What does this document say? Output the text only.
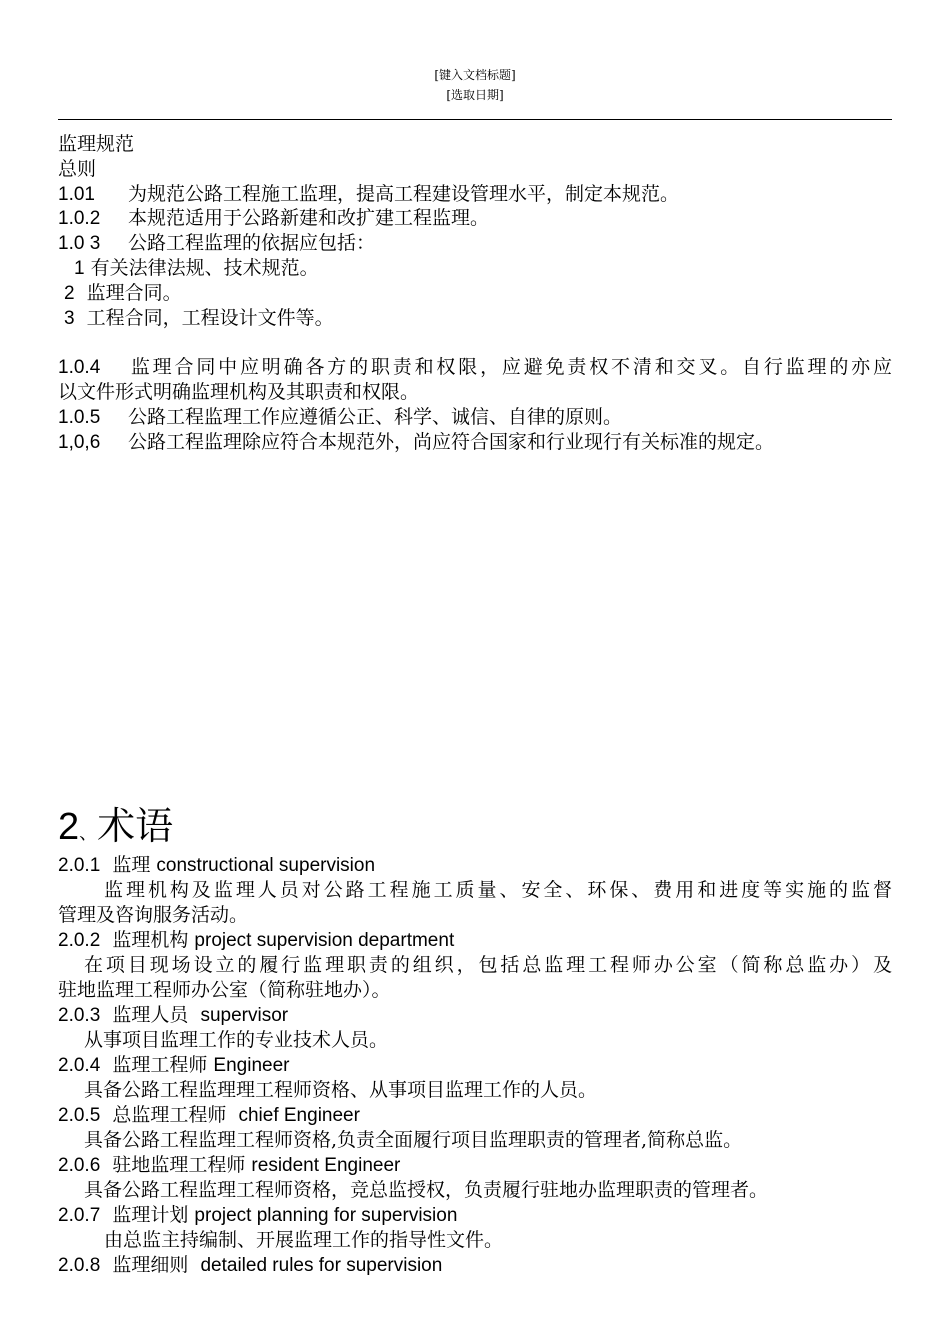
[键入文档标题]
[选取日期]
监理规范
总则
1.01 为规范公路工程施工监理，提高工程建设管理水平，制定本规范。
1.0.2 本规范适用于公路新建和改扩建工程监理。
1.0 3 公路工程监理的依据应包括：
1 有关法律法规、技术规范。
2 监理合同。
3 工程合同，工程设计文件等。
1.0.4 监理合同中应明确各方的职责和权限，应避免责权不清和交叉。自行监理的亦应
以文件形式明确监理机构及其职责和权限。
1.0.5 公路工程监理工作应遵循公正、科学、诚信、自律的原则。
1,0,6 公路工程监理除应符合本规范外，尚应符合国家和行业现行有关标准的规定。
2、术语
2.0.1 监理 constructional supervision
监理机构及监理人员对公路工程施工质量、安全、环保、费用和进度等实施的监督
管理及咨询服务活动。
2.0.2 监理机构 project supervision department
在项目现场设立的履行监理职责的组织，包括总监理工程师办公室（简称总监办）及
驻地监理工程师办公室（简称驻地办）。
2.0.3 监理人员 supervisor
从事项目监理工作的专业技术人员。
2.0.4 监理工程师 Engineer
具备公路工程监理理工程师资格、从事项目监理工作的人员。
2.0.5 总监理工程师 chief Engineer
具备公路工程监理工程师资格,负责全面履行项目监理职责的管理者,简称总监。
2.0.6 驻地监理工程师 resident Engineer
具备公路工程监理工程师资格，竞总监授权，负责履行驻地办监理职责的管理者。
2.0.7 监理计划 project planning for supervision
由总监主持编制、开展监理工作的指导性文件。
2.0.8 监理细则 detailed rules for supervision
